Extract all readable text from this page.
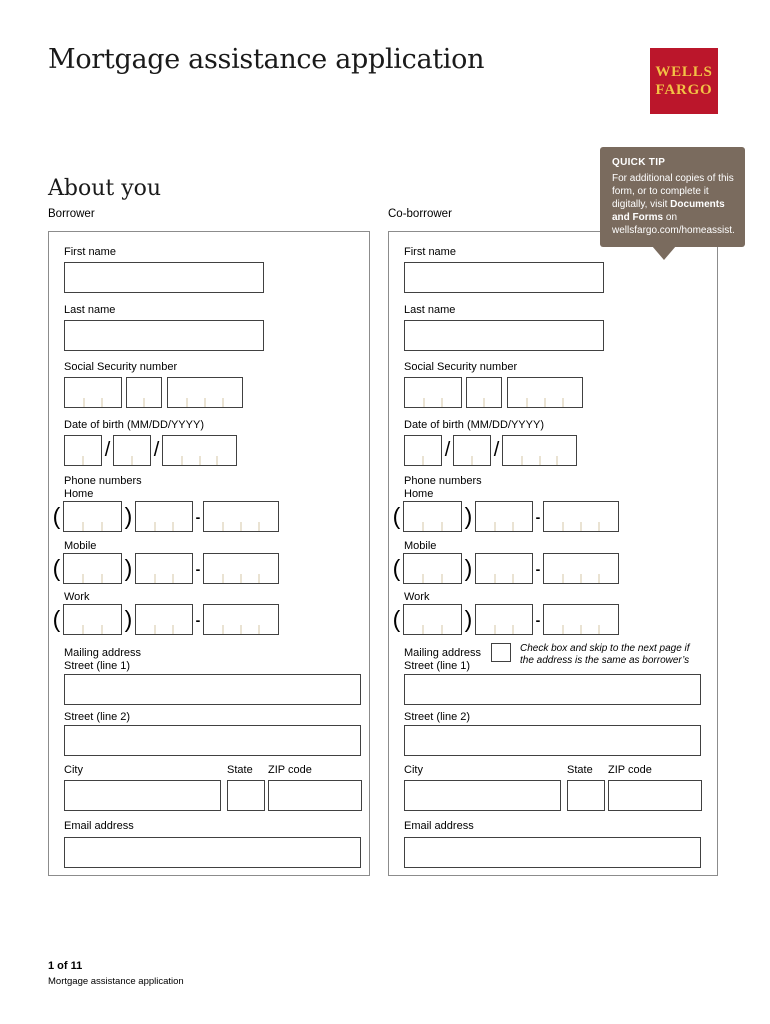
Mortgage assistance application	WELLS
FARGO
QUICK TIP
For additional copies of this form, or to complete it digitally, visit Documents and Forms on wellsfargo.com/homeassist.
About you
Borrower
First name
Last name
Social Security number
Date of birth (MM/DD/YYYY)
/ /
Phone numbers
Home
(	)	-
Mobile
(	)	-
Work
(	)	-
Mailing address
Street (line 1)
Street (line 2)
City	State	ZIP code
Email address
Co-borrower
First name
Last name
Social Security number
Date of birth (MM/DD/YYYY)
/ /
Phone numbers
Home
(	)	-
Mobile
(	)	-
Work
(	)	-
Mailing address
Street (line 1)
Street (line 2)
City	State	ZIP code
Email address
Check box and skip to the next page if
the address is the same as borrower’s
1 of 11
Mortgage assistance application
